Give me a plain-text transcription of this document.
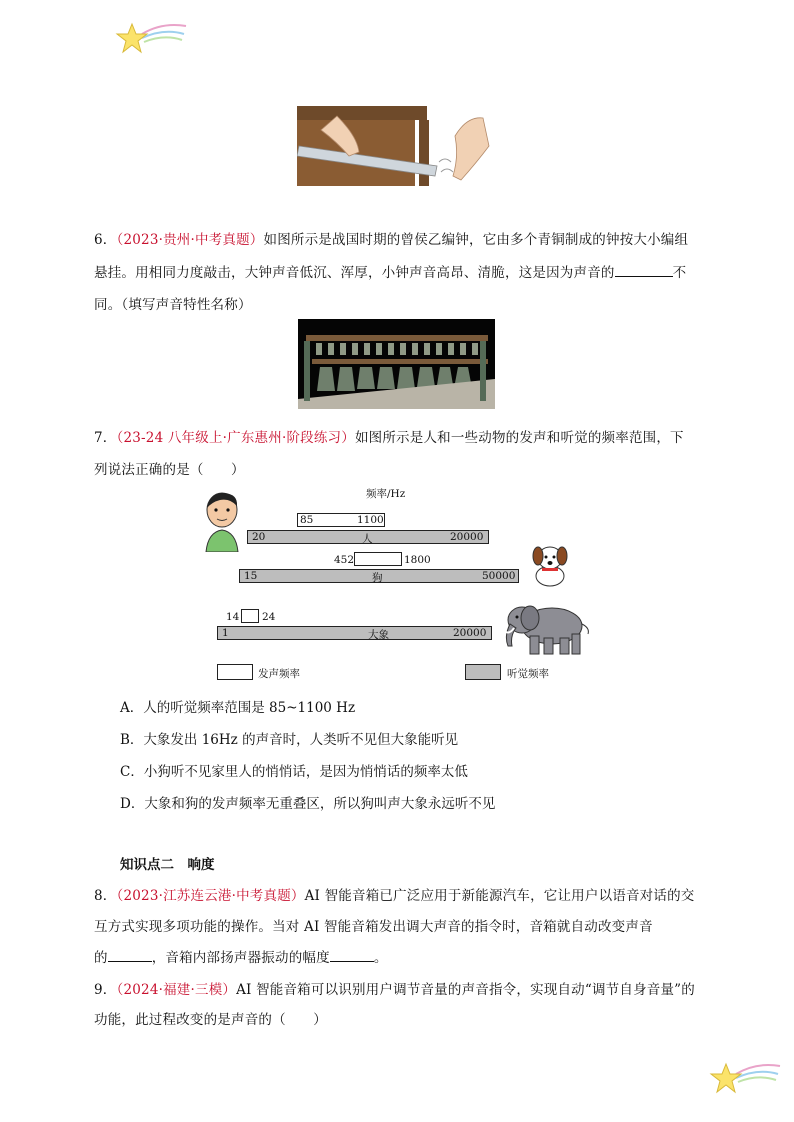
6．（2023·贵州·中考真题）如图所示是战国时期的曾侯乙编钟，它由多个青铜制成的钟按大小编组
悬挂。用相同力度敲击，大钟声音低沉、浑厚，小钟声音高昂、清脆，这是因为声音的	不
同。（填写声音特性名称）
7．（23-24 八年级上·广东惠州·阶段练习）如图所示是人和一些动物的发声和听觉的频率范围，下
列说法正确的是（　　）
频率/Hz
85	1100
20	人	20000
452	1800
15	狗	50000
14 24
1	大象	20000
发声频率	听觉频率
A．人的听觉频率范围是 85~1100 Hz
B．大象发出 16Hz 的声音时，人类听不见但大象能听见
C．小狗听不见家里人的悄悄话，是因为悄悄话的频率太低
D．大象和狗的发声频率无重叠区，所以狗叫声大象永远听不见
知识点二　 响度
8．（2023·江苏连云港·中考真题）AI 智能音箱已广泛应用于新能源汽车，它让用户以语音对话的交
互方式实现多项功能的操作。当对 AI 智能音箱发出调大声音的指令时，音箱就自动改变声音
的	，音箱内部扬声器振动的幅度	。
9．（2024·福建·三模）AI 智能音箱可以识别用户调节音量的声音指令，实现自动“调节自身音量”的
功能，此过程改变的是声音的（　　）
